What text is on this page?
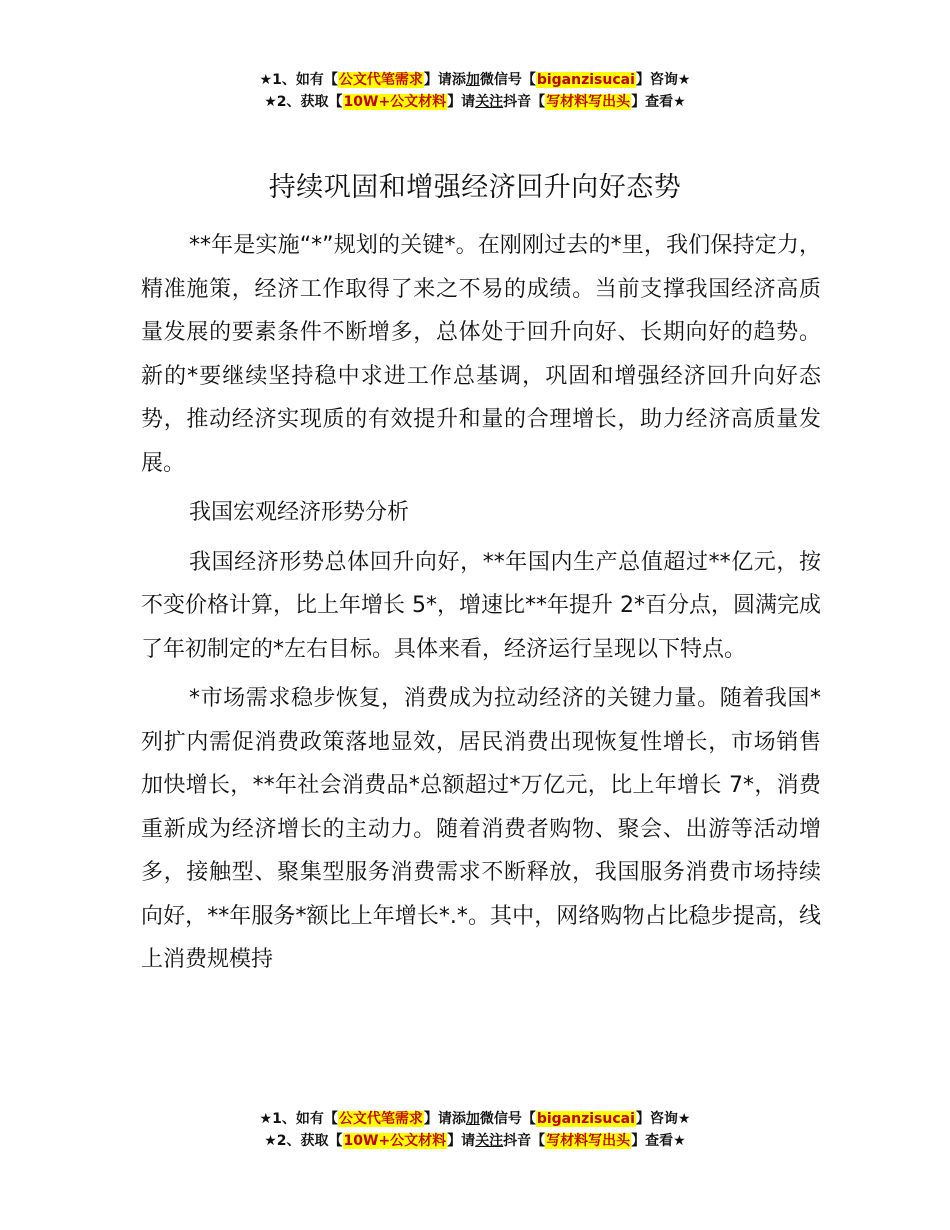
★1、如有【公文代笔需求】请添加微信号【biganzisucai】咨询★
★2、获取【10W+公文材料】请关注抖音【写材料写出头】查看★
持续巩固和增强经济回升向好态势

**年是实施“*”规划的关键*。在刚刚过去的*里，我们保持定力，精准施策，经济工作取得了来之不易的成绩。当前支撑我国经济高质量发展的要素条件不断增多，总体处于回升向好、长期向好的趋势。新的*要继续坚持稳中求进工作总基调，巩固和增强经济回升向好态势，推动经济实现质的有效提升和量的合理增长，助力经济高质量发展。

我国宏观经济形势分析

我国经济形势总体回升向好，**年国内生产总值超过**亿元，按不变价格计算，比上年增长 5*，增速比**年提升 2*百分点，圆满完成了年初制定的*左右目标。具体来看，经济运行呈现以下特点。

*市场需求稳步恢复，消费成为拉动经济的关键力量。随着我国*列扩内需促消费政策落地显效，居民消费出现恢复性增长，市场销售加快增长，**年社会消费品*总额超过*万亿元，比上年增长 7*，消费重新成为经济增长的主动力。随着消费者购物、聚会、出游等活动增多，接触型、聚集型服务消费需求不断释放，我国服务消费市场持续向好，**年服务*额比上年增长*.*。其中，网络购物占比稳步提高，线上消费规模持

★1、如有【公文代笔需求】请添加微信号【biganzisucai】咨询★
★2、获取【10W+公文材料】请关注抖音【写材料写出头】查看★
